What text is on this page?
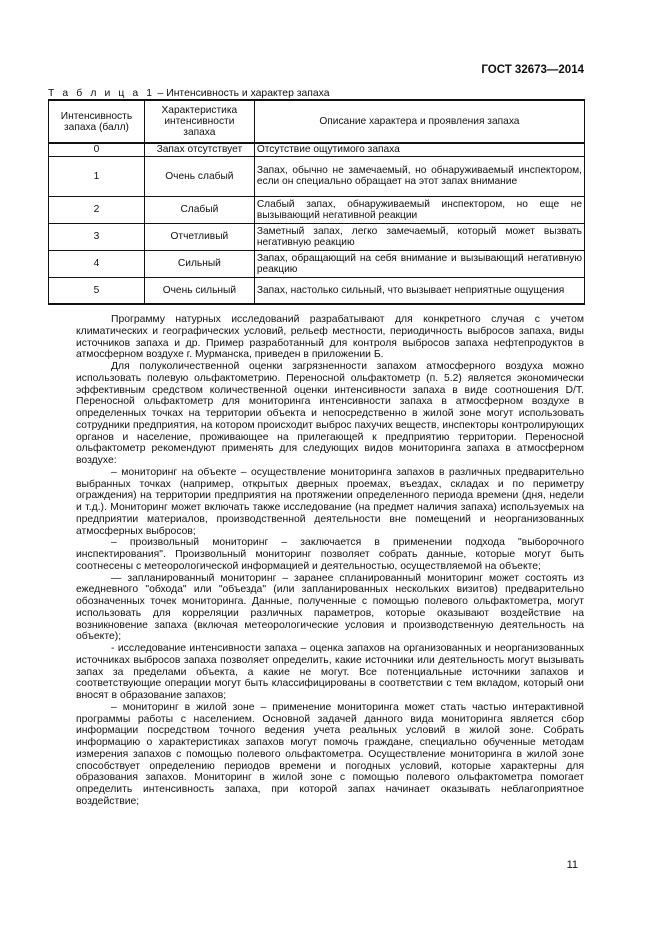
ГОСТ 32673—2014
Т а б л и ц а 1 – Интенсивность и характер запаха
Интенсивность запаха (балл)	Характеристика интенсивности запаха	Описание характера и проявления запаха
0	Запах отсутствует	Отсутствие ощутимого запаха
1	Очень слабый	Запах, обычно не замечаемый, но обнаруживаемый инспектором, если он специально обращает на этот запах внимание
2	Слабый	Слабый запах, обнаруживаемый инспектором, но еще не вызывающий негативной реакции
3	Отчетливый	Заметный запах, легко замечаемый, который может вызвать негативную реакцию
4	Сильный	Запах, обращающий на себя внимание и вызывающий негативную реакцию
5	Очень сильный	Запах, настолько сильный, что вызывает неприятные ощущения

Программу натурных исследований разрабатывают для конкретного случая с учетом климатических и географических условий, рельеф местности, периодичность выбросов запаха, виды источников запаха и др. Пример разработанный для контроля выбросов запаха нефтепродуктов в атмосферном воздухе г. Мурманска, приведен в приложении Б.

Для полуколичественной оценки загрязненности запахом атмосферного воздуха можно использовать полевую ольфактометрию. Переносной ольфактометр (п. 5.2) является экономически эффективным средством количественной оценки интенсивности запаха в виде соотношения D/T. Переносной ольфактометр для мониторинга интенсивности запаха в атмосферном воздухе в определенных точках на территории объекта и непосредственно в жилой зоне могут использовать сотрудники предприятия, на котором происходит выброс пахучих веществ, инспекторы контролирующих органов и население, проживающее на прилегающей к предприятию территории. Переносной ольфактометр рекомендуют применять для следующих видов мониторинга запаха в атмосферном воздухе:

– мониторинг на объекте – осуществление мониторинга запахов в различных предварительно выбранных точках (например, открытых дверных проемах, въездах, складах и по периметру ограждения) на территории предприятия на протяжении определенного периода времени (дня, недели и т.д.). Мониторинг может включать также исследование (на предмет наличия запаха) используемых на предприятии материалов, производственной деятельности вне помещений и неорганизованных атмосферных выбросов;

– произвольный мониторинг – заключается в применении подхода "выборочного инспектирования". Произвольный мониторинг позволяет собрать данные, которые могут быть соотнесены с метеорологической информацией и деятельностью, осуществляемой на объекте;

— запланированный мониторинг – заранее спланированный мониторинг может состоять из ежедневного "обхода" или "объезда" (или запланированных нескольких визитов) предварительно обозначенных точек мониторинга. Данные, полученные с помощью полевого ольфактометра, могут использовать для корреляции различных параметров, которые оказывают воздействие на возникновение запаха (включая метеорологические условия и производственную деятельность на объекте);

- исследование интенсивности запаха – оценка запахов на организованных и неорганизованных источниках выбросов запаха позволяет определить, какие источники или деятельность могут вызывать запах за пределами объекта, а какие не могут. Все потенциальные источники запахов и соответствующие операции могут быть классифицированы в соответствии с тем вкладом, который они вносят в образование запахов;

– мониторинг в жилой зоне – применение мониторинга может стать частью интерактивной программы работы с населением. Основной задачей данного вида мониторинга является сбор информации посредством точного ведения учета реальных условий в жилой зоне. Собрать информацию о характеристиках запахов могут помочь граждане, специально обученные методам измерения запахов с помощью полевого ольфактометра. Осуществление мониторинга в жилой зоне способствует определению периодов времени и погодных условий, которые характерны для образования запахов. Мониторинг в жилой зоне с помощью полевого ольфактометра помогает определить интенсивность запаха, при которой запах начинает оказывать неблагоприятное воздействие;

11
